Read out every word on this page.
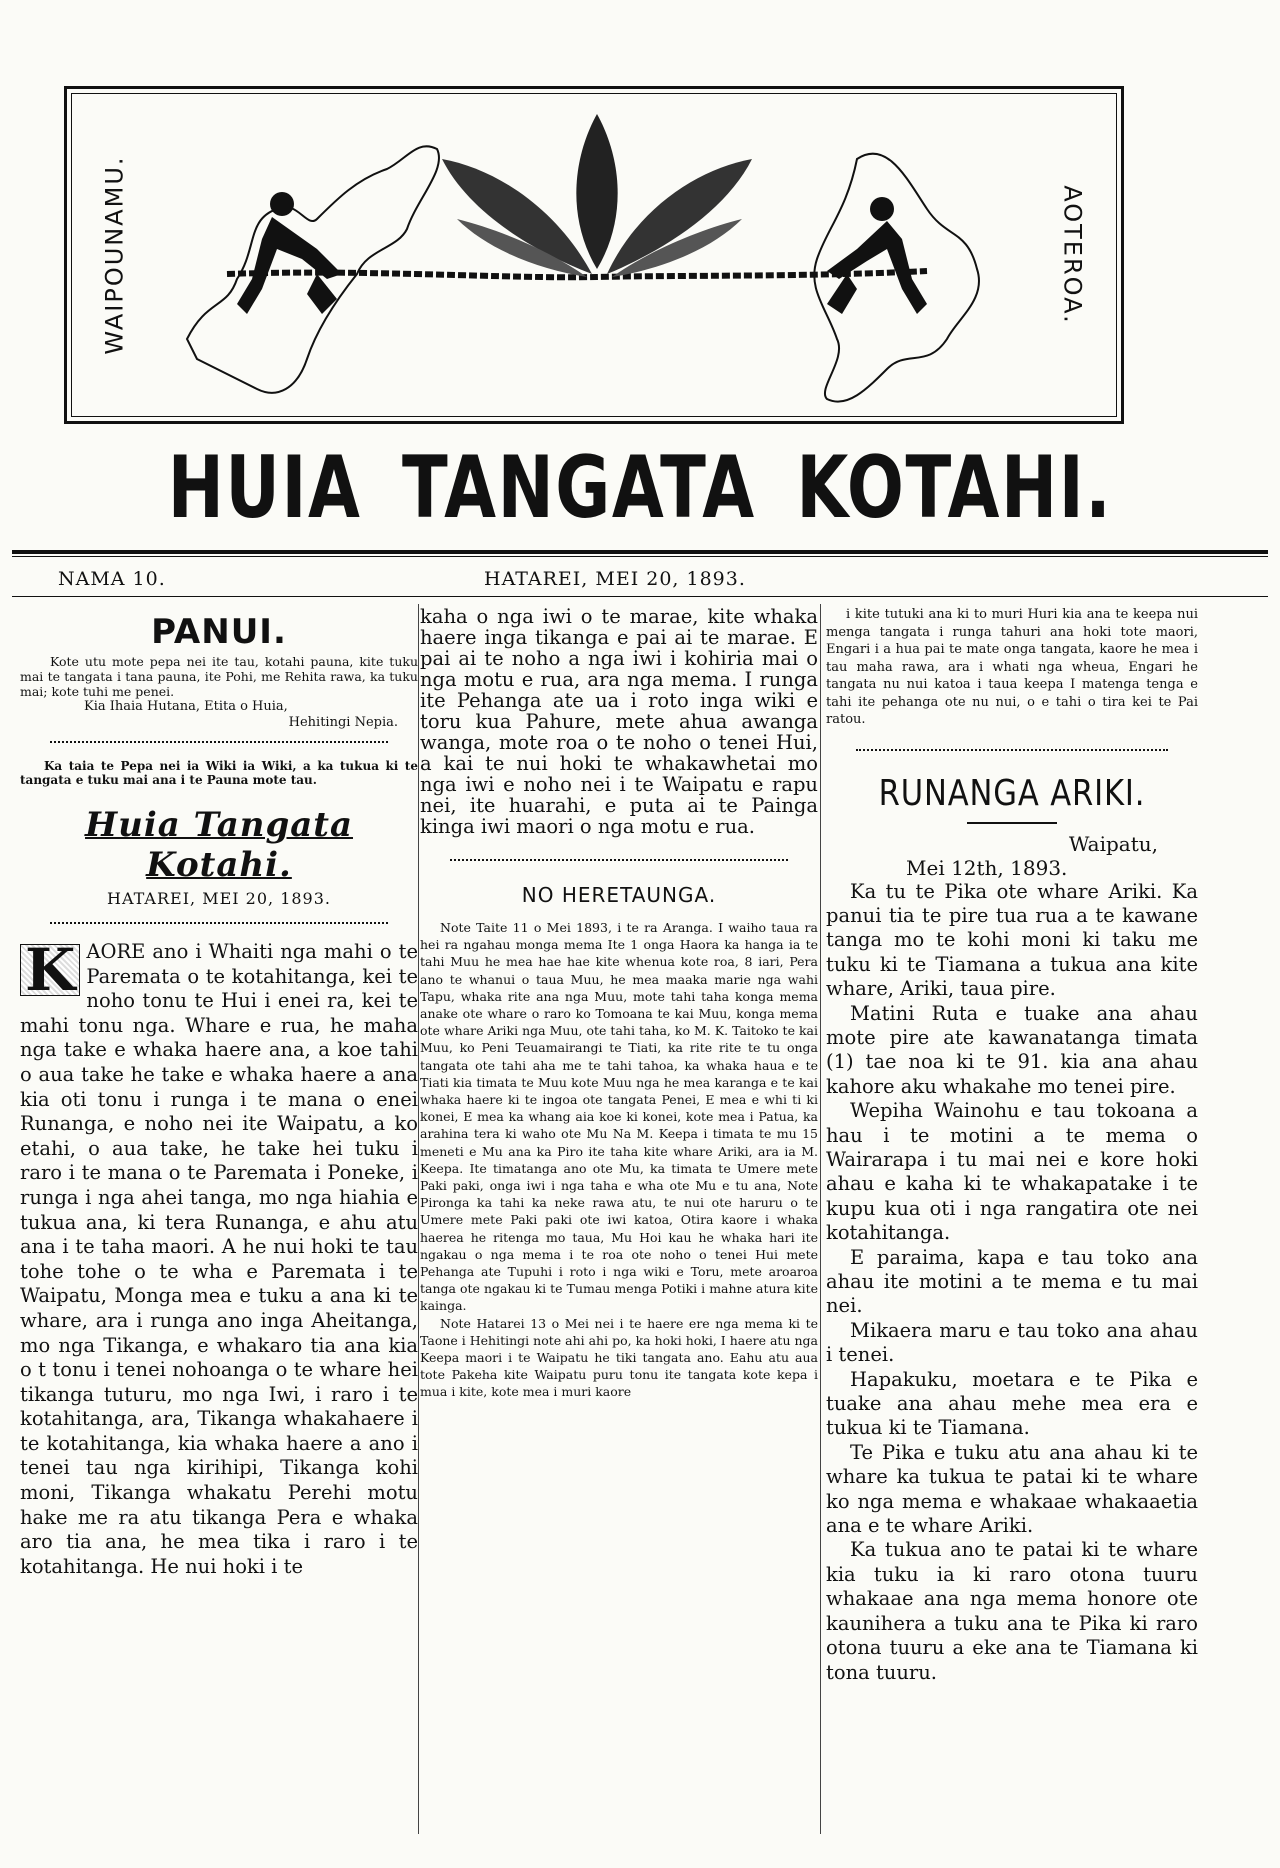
WAIPOUNAMU.	AOTEROA.
HUIA TANGATA KOTAHI.
NAMA 10.	HATAREI, MEI 20, 1893.
PANUI.

Kote utu mote pepa nei ite tau, kotahi pauna, kite tuku mai te tangata i tana pauna, ite Pohi, me Rehita rawa, ka tuku mai; kote tuhi me penei.

Kia Ihaia Hutana, Etita o Huia,

Hehitingi Nepia.

Ka taia te Pepa nei ia Wiki ia Wiki, a ka tukua ki te tangata e tuku mai ana i te Pauna mote tau.

Huia Tangata Kotahi.
HATAREI, MEI 20, 1893.
K AORE ano i Whaiti nga mahi o te Paremata o te kotahitanga, kei te noho tonu te Hui i enei ra, kei te mahi tonu nga. Whare e rua, he maha nga take e whaka haere ana, a koe tahi o aua take he take e whaka haere a ana kia oti tonu i runga i te mana o enei Runanga, e noho nei ite Waipatu, a ko etahi, o aua take, he take hei tuku i raro i te mana o te Paremata i Poneke, i runga i nga ahei tanga, mo nga hiahia e tukua ana, ki tera Runanga, e ahu atu ana i te taha maori. A he nui hoki te tau tohe tohe o te wha e Paremata i te Waipatu, Monga mea e tuku a ana ki te whare, ara i runga ano inga Aheitanga, mo nga Tikanga, e whakaro tia ana kia o t tonu i tenei nohoanga o te whare hei tikanga tuturu, mo nga Iwi, i raro i te kotahitanga, ara, Tikanga whakahaere i te kotahitanga, kia whaka haere a ano i tenei tau nga kirihipi, Tikanga kohi moni, Tikanga whakatu Perehi motu hake me ra atu tikanga Pera e whaka aro tia ana, he mea tika i raro i te kotahitanga. He nui hoki i te

kaha o nga iwi o te marae, kite whaka haere inga tikanga e pai ai te marae. E pai ai te noho a nga iwi i kohiria mai o nga motu e rua, ara nga mema. I runga ite Pehanga ate ua i roto inga wiki e toru kua Pahure, mete ahua awanga wanga, mote roa o te noho o tenei Hui, a kai te nui hoki te whakawhetai mo nga iwi e noho nei i te Waipatu e rapu nei, ite huarahi, e puta ai te Painga kinga iwi maori o nga motu e rua.

NO HERETAUNGA.

Note Taite 11 o Mei 1893, i te ra Aranga. I waiho taua ra hei ra ngahau monga mema Ite 1 onga Haora ka hanga ia te tahi Muu he mea hae hae kite whenua kote roa, 8 iari, Pera ano te whanui o taua Muu, he mea maaka marie nga wahi Tapu, whaka rite ana nga Muu, mote tahi taha konga mema anake ote whare o raro ko Tomoana te kai Muu, konga mema ote whare Ariki nga Muu, ote tahi taha, ko M. K. Taitoko te kai Muu, ko Peni Teuamairangi te Tiati, ka rite rite te tu onga tangata ote tahi aha me te tahi tahoa, ka whaka haua e te Tiati kia timata te Muu kote Muu nga he mea karanga e te kai whaka haere ki te ingoa ote tangata Penei, E mea e whi ti ki konei, E mea ka whang aia koe ki konei, kote mea i Patua, ka arahina tera ki waho ote Mu Na M. Keepa i timata te mu 15 meneti e Mu ana ka Piro ite taha kite whare Ariki, ara ia M. Keepa. Ite timatanga ano ote Mu, ka timata te Umere mete Paki paki, onga iwi i nga taha e wha ote Mu e tu ana, Note Pironga ka tahi ka neke rawa atu, te nui ote haruru o te Umere mete Paki paki ote iwi katoa, Otira kaore i whaka haerea he ritenga mo taua, Mu Hoi kau he whaka hari ite ngakau o nga mema i te roa ote noho o tenei Hui mete Pehanga ate Tupuhi i roto i nga wiki e Toru, mete aroaroa tanga ote ngakau ki te Tumau menga Potiki i mahne atura kite kainga.

Note Hatarei 13 o Mei nei i te haere ere nga mema ki te Taone i Hehitingi note ahi ahi po, ka hoki hoki, I haere atu nga Keepa maori i te Waipatu he tiki tangata ano. Eahu atu aua tote Pakeha kite Waipatu puru tonu ite tangata kote kepa i mua i kite, kote mea i muri kaore

i kite tutuki ana ki to muri Huri kia ana te keepa nui menga tangata i runga tahuri ana hoki tote maori, Engari i a hua pai te mate onga tangata, kaore he mea i tau maha rawa, ara i whati nga wheua, Engari he tangata nu nui katoa i taua keepa I matenga tenga e tahi ite pehanga ote nu nui, o e tahi o tira kei te Pai ratou.

RUNANGA ARIKI.
Waipatu,
Mei 12th, 1893.

Ka tu te Pika ote whare Ariki. Ka panui tia te pire tua rua a te kawane tanga mo te kohi moni ki taku me tuku ki te Tiamana a tukua ana kite whare, Ariki, taua pire.

Matini Ruta e tuake ana ahau mote pire ate kawanatanga timata (1) tae noa ki te 91. kia ana ahau kahore aku whakahe mo tenei pire.

Wepiha Wainohu e tau tokoana a hau i te motini a te mema o Wairarapa i tu mai nei e kore hoki ahau e kaha ki te whakapatake i te kupu kua oti i nga rangatira ote nei kotahitanga.

E paraima, kapa e tau toko ana ahau ite motini a te mema e tu mai nei.

Mikaera maru e tau toko ana ahau i tenei.

Hapakuku, moetara e te Pika e tuake ana ahau mehe mea era e tukua ki te Tiamana.

Te Pika e tuku atu ana ahau ki te whare ka tukua te patai ki te whare ko nga mema e whakaae whakaaetia ana e te whare Ariki.

Ka tukua ano te patai ki te whare kia tuku ia ki raro otona tuuru whakaae ana nga mema honore ote kaunihera a tuku ana te Pika ki raro otona tuuru a eke ana te Tiamana ki tona tuuru.
